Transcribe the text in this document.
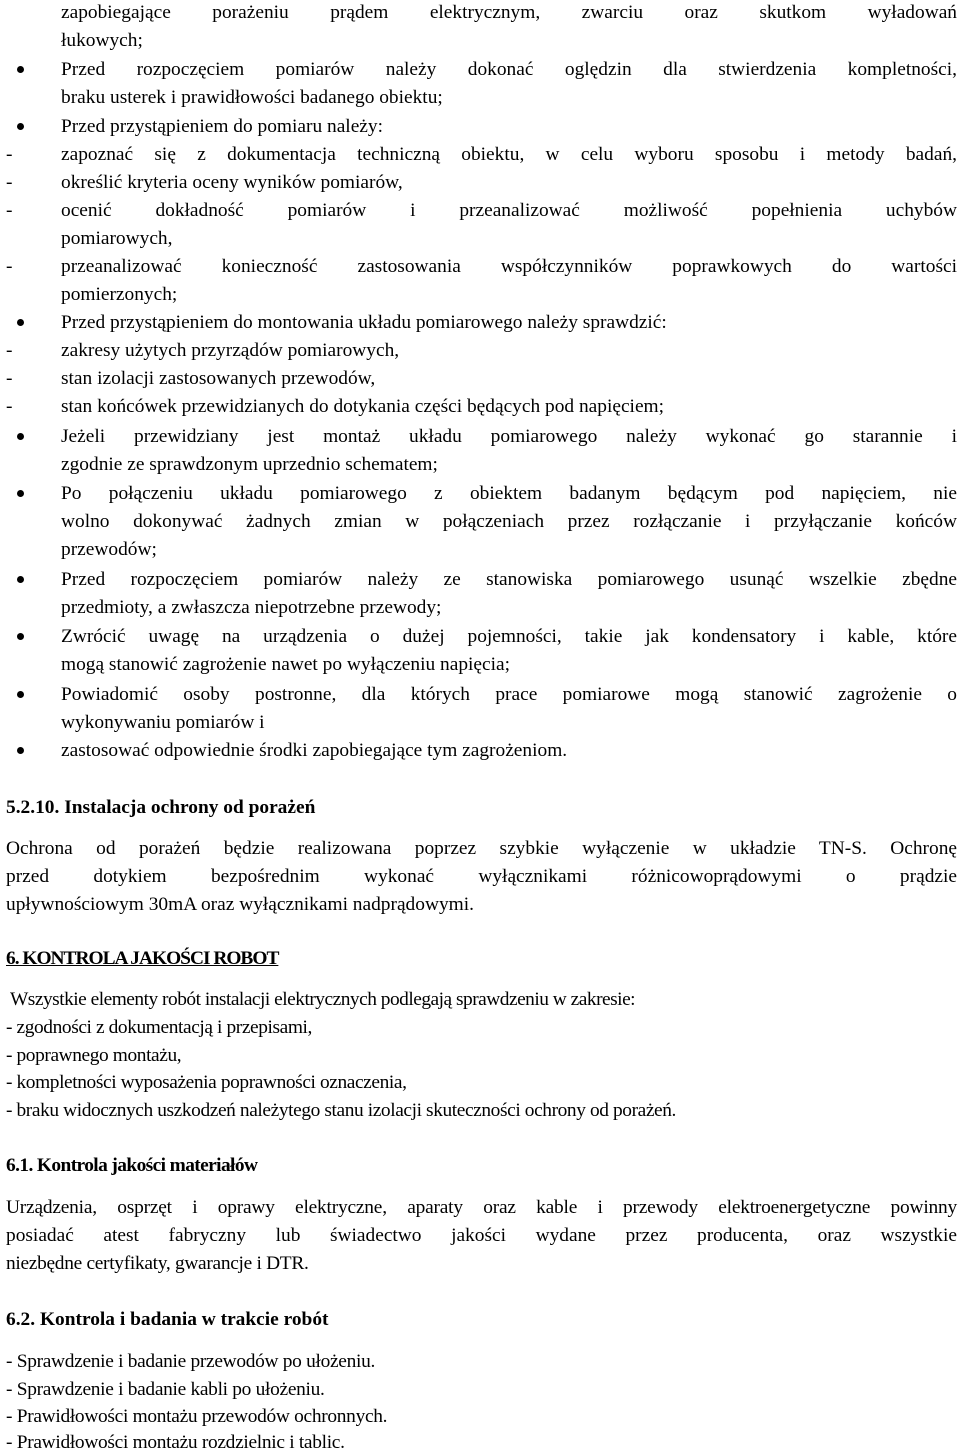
zapobiegające porażeniu prądem elektrycznym, zwarciu oraz skutkom wyładowań
łukowych;
Przed rozpoczęciem pomiarów należy dokonać oględzin dla stwierdzenia kompletności,
braku usterek i prawidłowości badanego obiektu;
Przed przystąpieniem do pomiaru należy:
-	zapoznać się z dokumentacja techniczną obiektu, w celu wyboru sposobu i metody badań,
-	określić kryteria oceny wyników pomiarów,
-	ocenić dokładność pomiarów i przeanalizować możliwość popełnienia uchybów
pomiarowych,
-	przeanalizować konieczność zastosowania współczynników poprawkowych do wartości
pomierzonych;
Przed przystąpieniem do montowania układu pomiarowego należy sprawdzić:
-	zakresy użytych przyrządów pomiarowych,
-	stan izolacji zastosowanych przewodów,
-	stan końcówek przewidzianych do dotykania części będących pod napięciem;
Jeżeli przewidziany jest montaż układu pomiarowego należy wykonać go starannie i
zgodnie ze sprawdzonym uprzednio schematem;
Po połączeniu układu pomiarowego z obiektem badanym będącym pod napięciem, nie
wolno dokonywać żadnych zmian w połączeniach przez rozłączanie i przyłączanie końców
przewodów;
Przed rozpoczęciem pomiarów należy ze stanowiska pomiarowego usunąć wszelkie zbędne
przedmioty, a zwłaszcza niepotrzebne przewody;
Zwrócić uwagę na urządzenia o dużej pojemności, takie jak kondensatory i kable, które
mogą stanowić zagrożenie nawet po wyłączeniu napięcia;
Powiadomić osoby postronne, dla których prace pomiarowe mogą stanowić zagrożenie o
wykonywaniu pomiarów i
zastosować odpowiednie środki zapobiegające tym zagrożeniom.
5.2.10. Instalacja ochrony od porażeń
Ochrona od porażeń będzie realizowana poprzez szybkie wyłączenie w układzie TN-S. Ochronę
przed dotykiem bezpośrednim wykonać wyłącznikami różnicowoprądowymi o prądzie
upływnościowym 30mA oraz wyłącznikami nadprądowymi.
6. KONTROLA JAKOŚCI ROBOT
Wszystkie elementy robót instalacji elektrycznych podlegają sprawdzeniu w zakresie:
- zgodności z dokumentacją i przepisami,
- poprawnego montażu,
- kompletności wyposażenia poprawności oznaczenia,
- braku widocznych uszkodzeń należytego stanu izolacji skuteczności ochrony od porażeń.
6.1. Kontrola jakości materiałów
Urządzenia, osprzęt i oprawy elektryczne, aparaty oraz kable i przewody elektroenergetyczne powinny
posiadać atest fabryczny lub świadectwo jakości wydane przez producenta, oraz wszystkie
niezbędne certyfikaty, gwarancje i DTR.
6.2. Kontrola i badania w trakcie robót
- Sprawdzenie i badanie przewodów po ułożeniu.
- Sprawdzenie i badanie kabli po ułożeniu.
- Prawidłowości montażu przewodów ochronnych.
- Prawidłowości montażu rozdzielnic i tablic.
